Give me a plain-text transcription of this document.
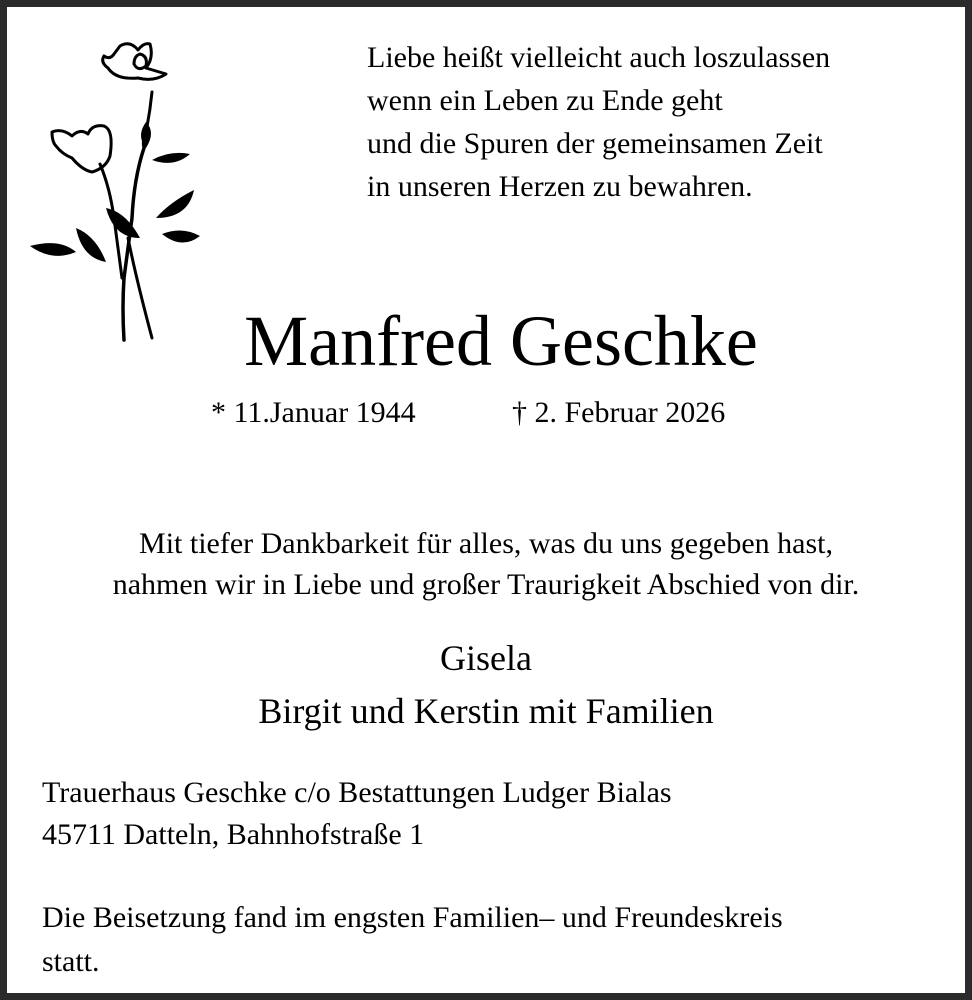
Liebe heißt vielleicht auch loszulassen
wenn ein Leben zu Ende geht
und die Spuren der gemeinsamen Zeit
in unseren Herzen zu bewahren.
Manfred Geschke
* 11.Januar 1944	† 2. Februar 2026
Mit tiefer Dankbarkeit für alles, was du uns gegeben hast,
nahmen wir in Liebe und großer Traurigkeit Abschied von dir.
Gisela
Birgit und Kerstin mit Familien
Trauerhaus Geschke c/o Bestattungen Ludger Bialas
45711 Datteln, Bahnhofstraße 1
Die Beisetzung fand im engsten Familien– und Freundeskreis
statt.
